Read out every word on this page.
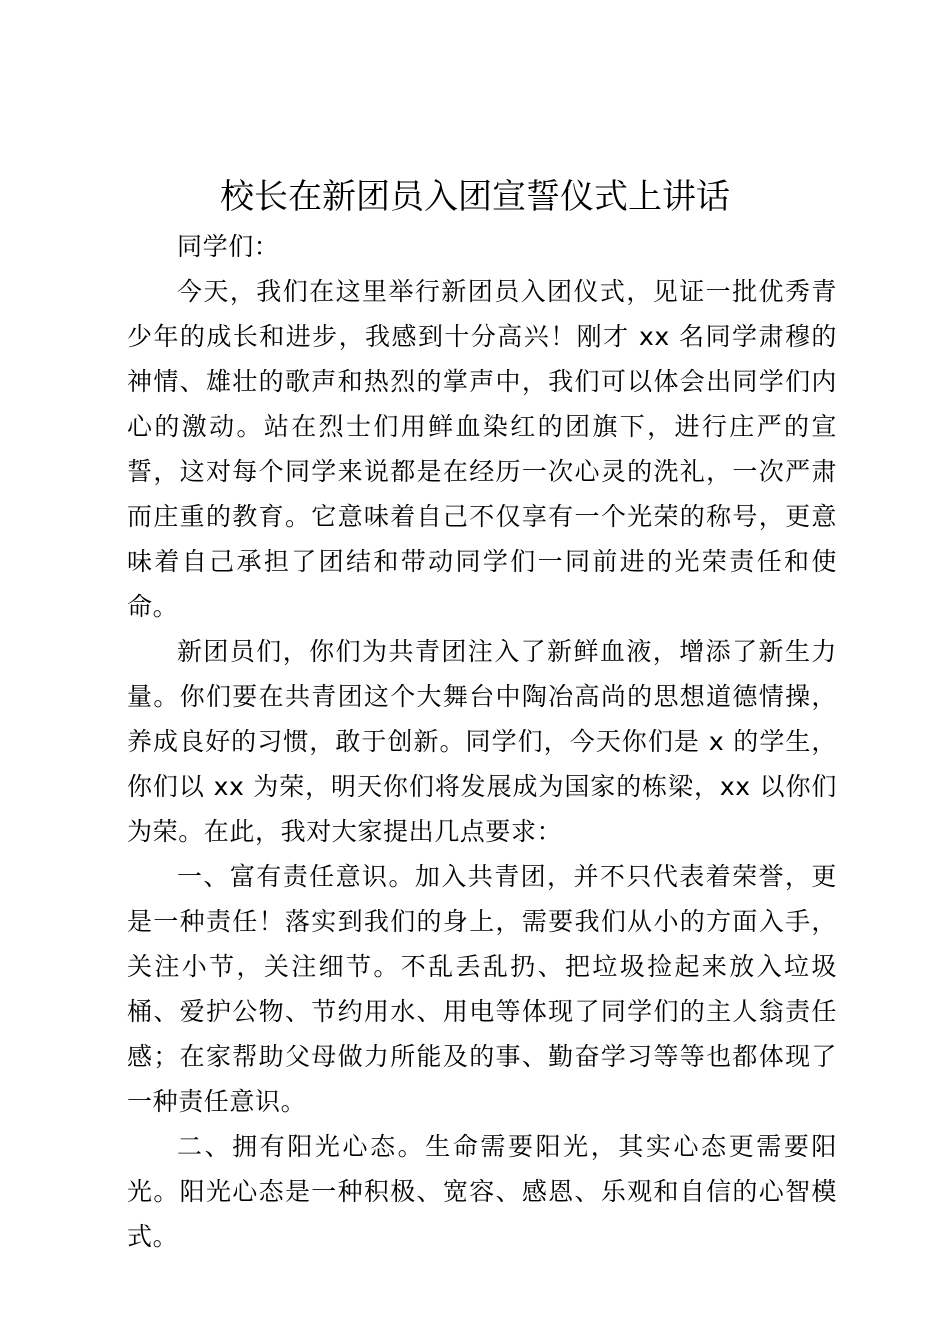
校长在新团员入团宣誓仪式上讲话

同学们：

今天，我们在这里举行新团员入团仪式，见证一批优秀青少年的成长和进步，我感到十分高兴！刚才 xx 名同学肃穆的神情、雄壮的歌声和热烈的掌声中，我们可以体会出同学们内心的激动。站在烈士们用鲜血染红的团旗下，进行庄严的宣誓，这对每个同学来说都是在经历一次心灵的洗礼，一次严肃而庄重的教育。它意味着自己不仅享有一个光荣的称号，更意味着自己承担了团结和带动同学们一同前进的光荣责任和使命。

新团员们，你们为共青团注入了新鲜血液，增添了新生力量。你们要在共青团这个大舞台中陶冶高尚的思想道德情操，养成良好的习惯，敢于创新。同学们，今天你们是 x 的学生，你们以 xx 为荣，明天你们将发展成为国家的栋梁，xx 以你们为荣。在此，我对大家提出几点要求：

一、富有责任意识。加入共青团，并不只代表着荣誉，更是一种责任！落实到我们的身上，需要我们从小的方面入手，关注小节，关注细节。不乱丢乱扔、把垃圾捡起来放入垃圾桶、爱护公物、节约用水、用电等体现了同学们的主人翁责任感；在家帮助父母做力所能及的事、勤奋学习等等也都体现了一种责任意识。

二、拥有阳光心态。生命需要阳光，其实心态更需要阳光。阳光心态是一种积极、宽容、感恩、乐观和自信的心智模式。
